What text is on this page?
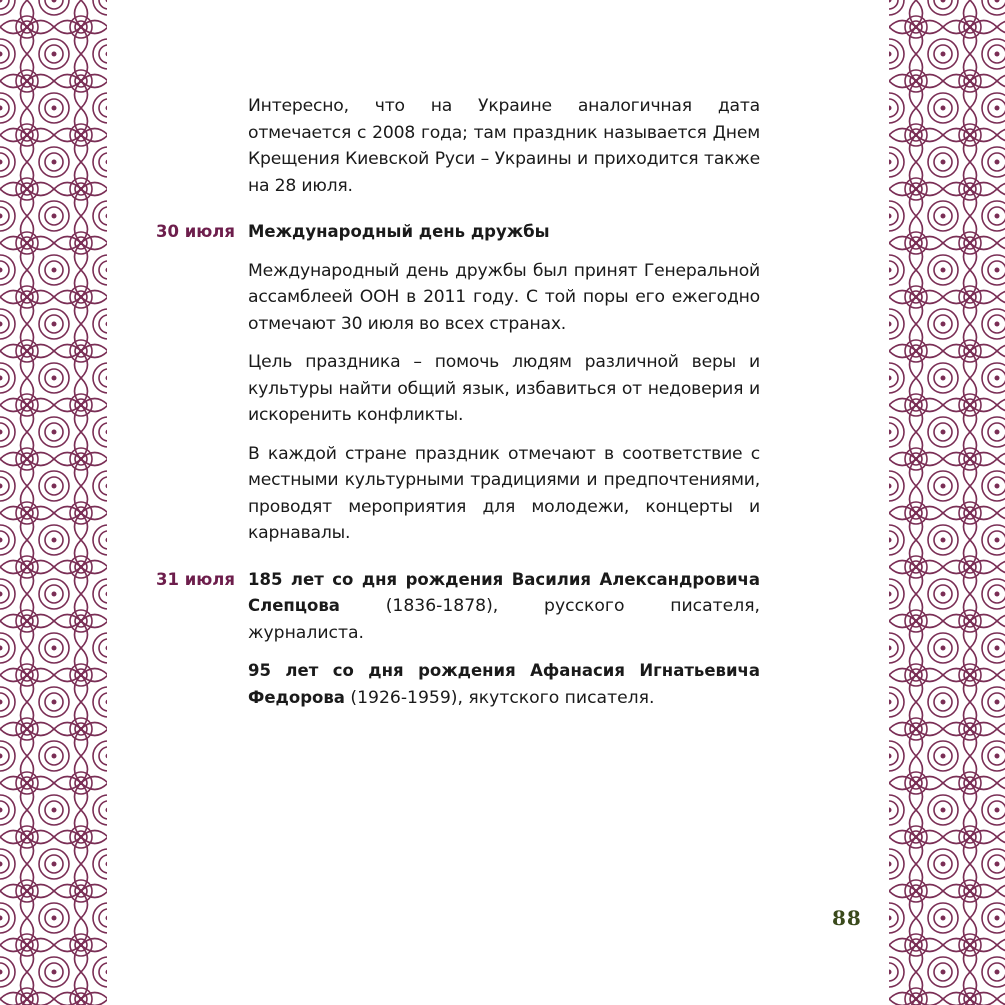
Интересно, что на Украине аналогичная дата отмечается с 2008 года; там праздник называется Днем Крещения Киевской Руси – Украины и приходится также на 28 июля.

30 июля Международный день дружбы

Международный день дружбы был принят Генеральной ассамблеей ООН в 2011 году. С той поры его ежегодно отмечают 30 июля во всех странах.

Цель праздника – помочь людям различной веры и культуры найти общий язык, избавиться от недоверия и искоренить конфликты.

В каждой стране праздник отмечают в соответствие с местными культурными традициями и предпочтениями, проводят мероприятия для молодежи, концерты и карнавалы.

31 июля 185 лет со дня рождения Василия Александровича Слепцова (1836-1878), русского писателя, журналиста.
95 лет со дня рождения Афанасия Игнатьевича Федорова (1926-1959), якутского писателя.
88
